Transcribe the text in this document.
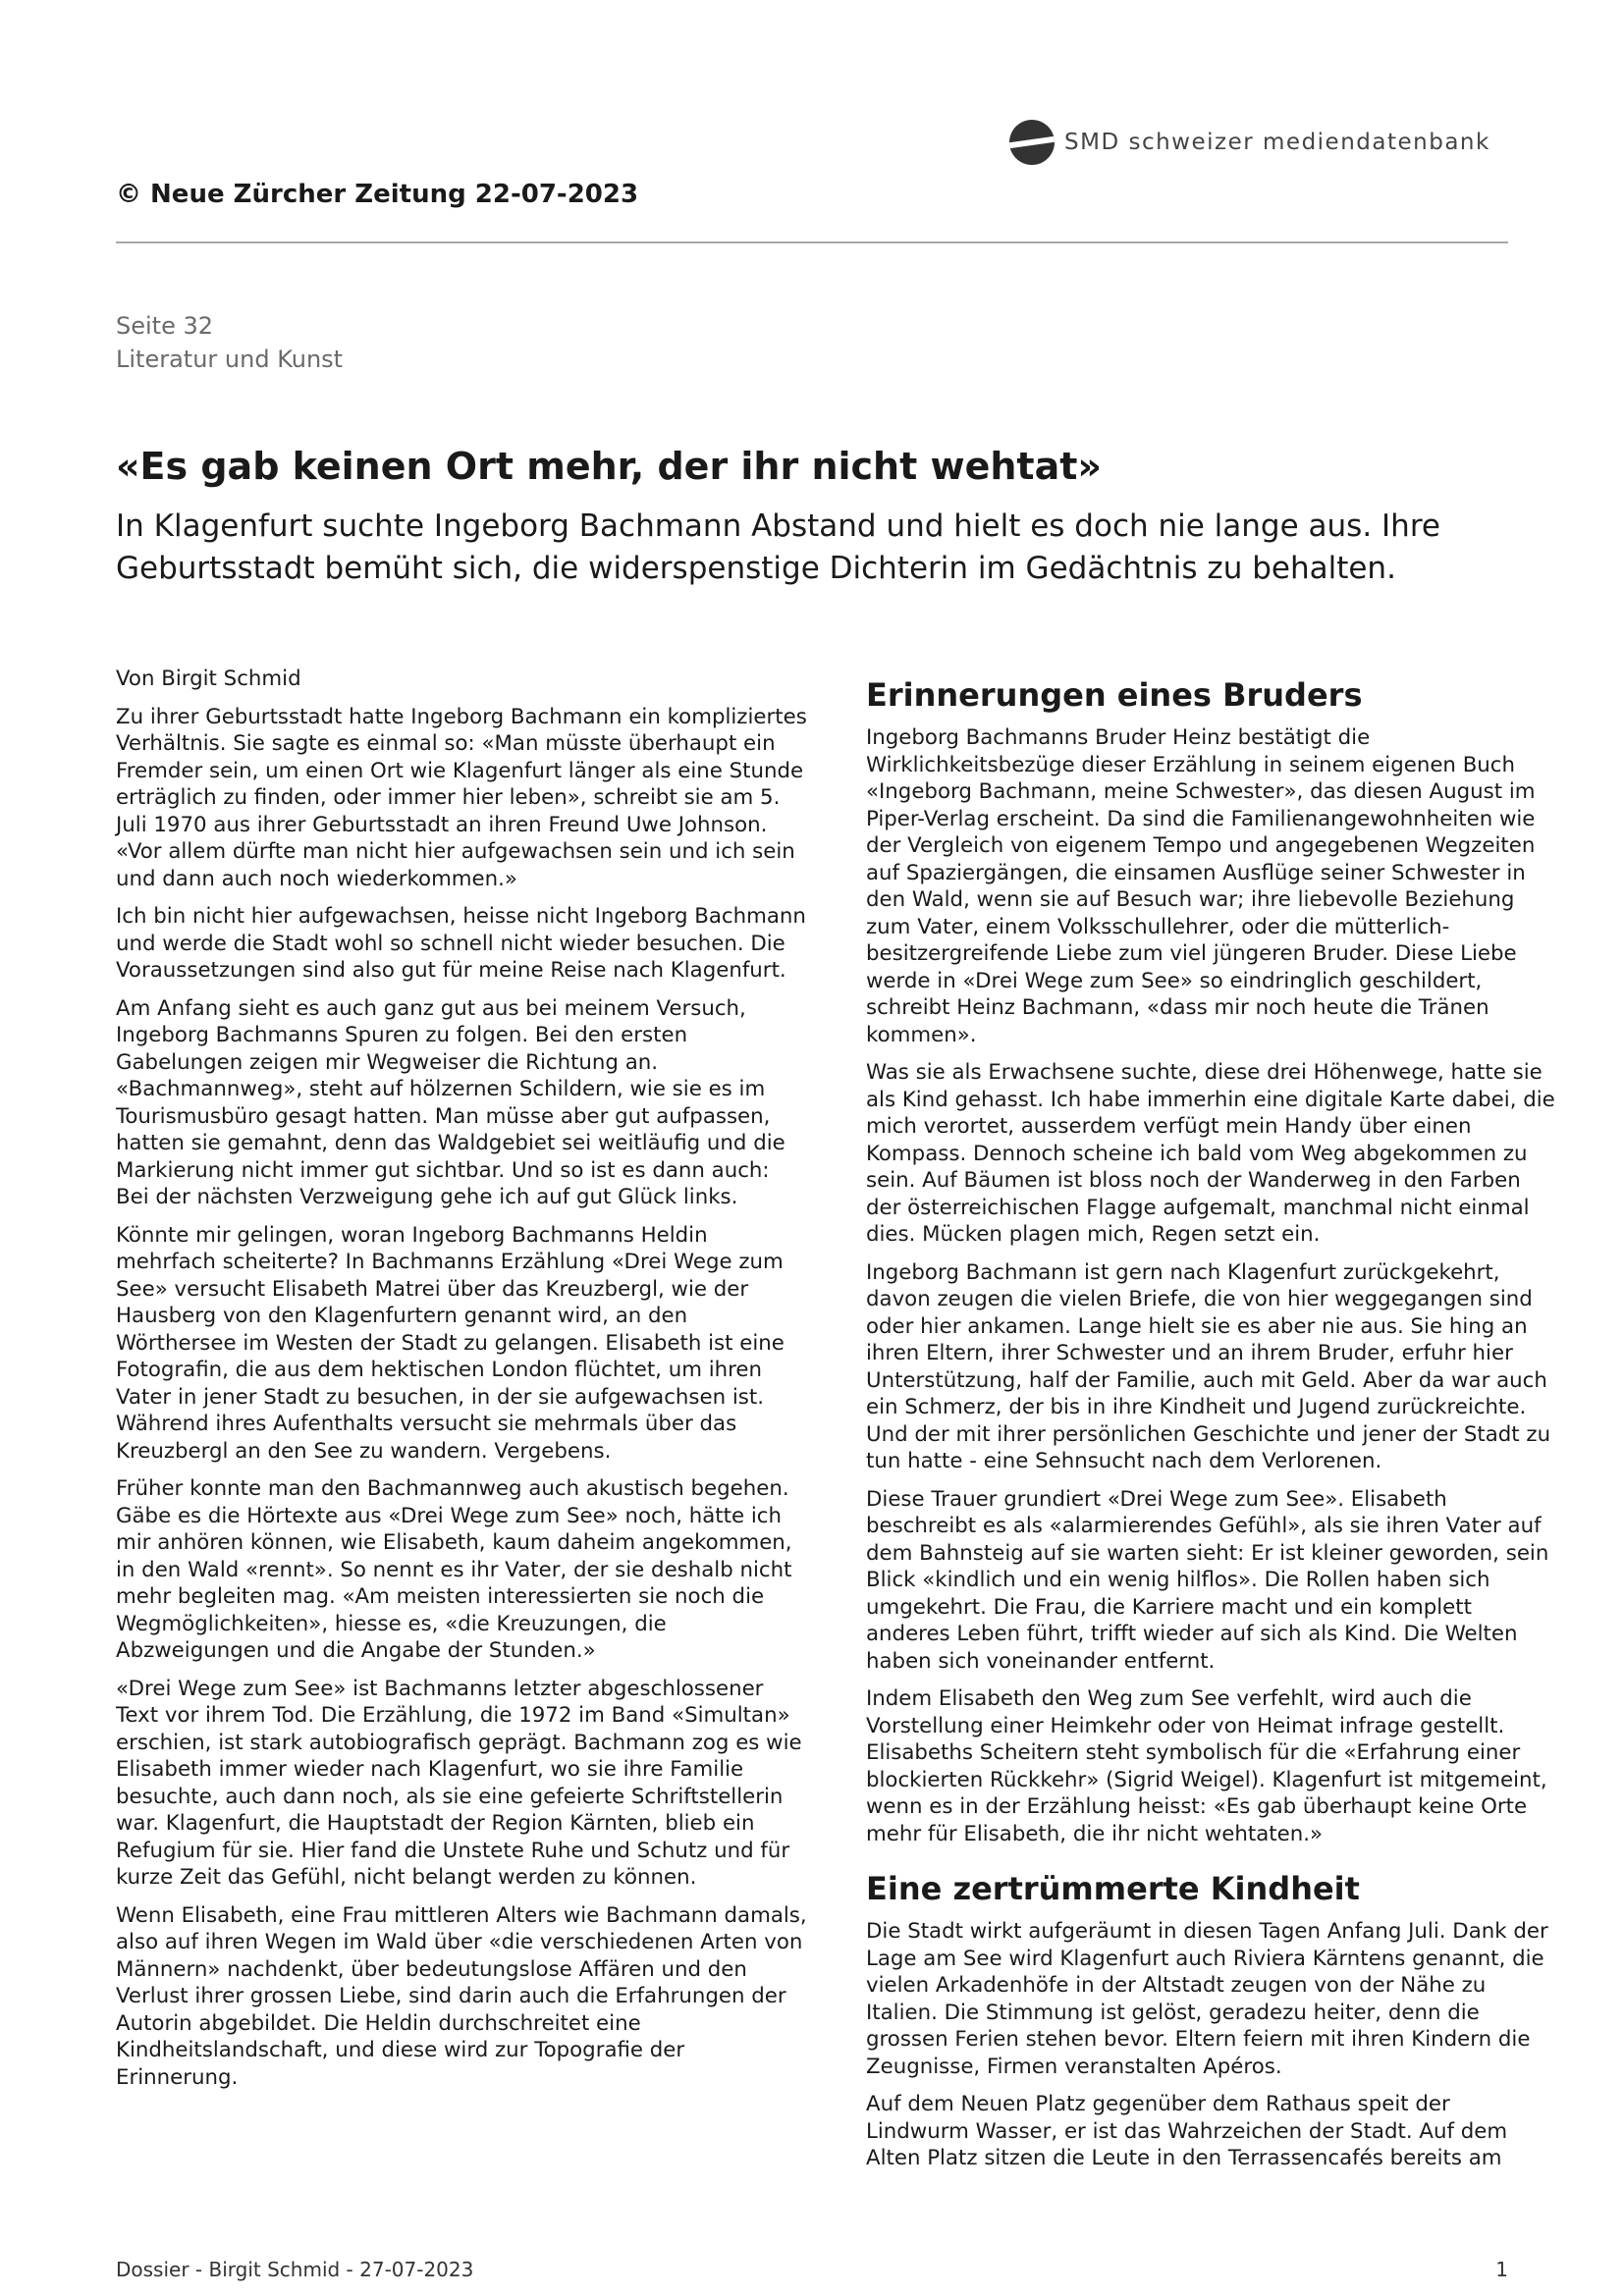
SMD schweizer mediendatenbank
© Neue Zürcher Zeitung 22-07-2023
Seite 32
Literatur und Kunst
«Es gab keinen Ort mehr, der ihr nicht wehtat»

In Klagenfurt suchte Ingeborg Bachmann Abstand und hielt es doch nie lange aus. Ihre Geburtsstadt bemüht sich, die widerspenstige Dichterin im Gedächtnis zu behalten.

Von Birgit Schmid

Zu ihrer Geburtsstadt hatte Ingeborg Bachmann ein kompliziertes Verhältnis. Sie sagte es einmal so: «Man müsste überhaupt ein Fremder sein, um einen Ort wie Klagenfurt länger als eine Stunde erträglich zu finden, oder immer hier leben», schreibt sie am 5. Juli 1970 aus ihrer Geburtsstadt an ihren Freund Uwe Johnson. «Vor allem dürfte man nicht hier aufgewachsen sein und ich sein und dann auch noch wiederkommen.»

Ich bin nicht hier aufgewachsen, heisse nicht Ingeborg Bachmann und werde die Stadt wohl so schnell nicht wieder besuchen. Die Voraussetzungen sind also gut für meine Reise nach Klagenfurt.

Am Anfang sieht es auch ganz gut aus bei meinem Versuch, Ingeborg Bachmanns Spuren zu folgen. Bei den ersten Gabelungen zeigen mir Wegweiser die Richtung an. «Bachmannweg», steht auf hölzernen Schildern, wie sie es im Tourismusbüro gesagt hatten. Man müsse aber gut aufpassen, hatten sie gemahnt, denn das Waldgebiet sei weitläufig und die Markierung nicht immer gut sichtbar. Und so ist es dann auch: Bei der nächsten Verzweigung gehe ich auf gut Glück links.

Könnte mir gelingen, woran Ingeborg Bachmanns Heldin mehrfach scheiterte? In Bachmanns Erzählung «Drei Wege zum See» versucht Elisabeth Matrei über das Kreuzbergl, wie der Hausberg von den Klagenfurtern genannt wird, an den Wörthersee im Westen der Stadt zu gelangen. Elisabeth ist eine Fotografin, die aus dem hektischen London flüchtet, um ihren Vater in jener Stadt zu besuchen, in der sie aufgewachsen ist. Während ihres Aufenthalts versucht sie mehrmals über das Kreuzbergl an den See zu wandern. Vergebens.

Früher konnte man den Bachmannweg auch akustisch begehen. Gäbe es die Hörtexte aus «Drei Wege zum See» noch, hätte ich mir anhören können, wie Elisabeth, kaum daheim angekommen, in den Wald «rennt». So nennt es ihr Vater, der sie deshalb nicht mehr begleiten mag. «Am meisten interessierten sie noch die Wegmöglichkeiten», hiesse es, «die Kreuzungen, die Abzweigungen und die Angabe der Stunden.»

«Drei Wege zum See» ist Bachmanns letzter abgeschlossener Text vor ihrem Tod. Die Erzählung, die 1972 im Band «Simultan» erschien, ist stark autobiografisch geprägt. Bachmann zog es wie Elisabeth immer wieder nach Klagenfurt, wo sie ihre Familie besuchte, auch dann noch, als sie eine gefeierte Schriftstellerin war. Klagenfurt, die Hauptstadt der Region Kärnten, blieb ein Refugium für sie. Hier fand die Unstete Ruhe und Schutz und für kurze Zeit das Gefühl, nicht belangt werden zu können.

Wenn Elisabeth, eine Frau mittleren Alters wie Bachmann damals, also auf ihren Wegen im Wald über «die verschiedenen Arten von Männern» nachdenkt, über bedeutungslose Affären und den Verlust ihrer grossen Liebe, sind darin auch die Erfahrungen der Autorin abgebildet. Die Heldin durchschreitet eine Kindheitslandschaft, und diese wird zur Topografie der Erinnerung.

Erinnerungen eines Bruders

Ingeborg Bachmanns Bruder Heinz bestätigt die Wirklichkeitsbezüge dieser Erzählung in seinem eigenen Buch «Ingeborg Bachmann, meine Schwester», das diesen August im Piper-Verlag erscheint. Da sind die Familienangewohnheiten wie der Vergleich von eigenem Tempo und angegebenen Wegzeiten auf Spaziergängen, die einsamen Ausflüge seiner Schwester in den Wald, wenn sie auf Besuch war; ihre liebevolle Beziehung zum Vater, einem Volksschullehrer, oder die mütterlich-besitzergreifende Liebe zum viel jüngeren Bruder. Diese Liebe werde in «Drei Wege zum See» so eindringlich geschildert, schreibt Heinz Bachmann, «dass mir noch heute die Tränen kommen».

Was sie als Erwachsene suchte, diese drei Höhenwege, hatte sie als Kind gehasst. Ich habe immerhin eine digitale Karte dabei, die mich verortet, ausserdem verfügt mein Handy über einen Kompass. Dennoch scheine ich bald vom Weg abgekommen zu sein. Auf Bäumen ist bloss noch der Wanderweg in den Farben der österreichischen Flagge aufgemalt, manchmal nicht einmal dies. Mücken plagen mich, Regen setzt ein.

Ingeborg Bachmann ist gern nach Klagenfurt zurückgekehrt, davon zeugen die vielen Briefe, die von hier weggegangen sind oder hier ankamen. Lange hielt sie es aber nie aus. Sie hing an ihren Eltern, ihrer Schwester und an ihrem Bruder, erfuhr hier Unterstützung, half der Familie, auch mit Geld. Aber da war auch ein Schmerz, der bis in ihre Kindheit und Jugend zurückreichte. Und der mit ihrer persönlichen Geschichte und jener der Stadt zu tun hatte - eine Sehnsucht nach dem Verlorenen.

Diese Trauer grundiert «Drei Wege zum See». Elisabeth beschreibt es als «alarmierendes Gefühl», als sie ihren Vater auf dem Bahnsteig auf sie warten sieht: Er ist kleiner geworden, sein Blick «kindlich und ein wenig hilflos». Die Rollen haben sich umgekehrt. Die Frau, die Karriere macht und ein komplett anderes Leben führt, trifft wieder auf sich als Kind. Die Welten haben sich voneinander entfernt.

Indem Elisabeth den Weg zum See verfehlt, wird auch die Vorstellung einer Heimkehr oder von Heimat infrage gestellt. Elisabeths Scheitern steht symbolisch für die «Erfahrung einer blockierten Rückkehr» (Sigrid Weigel). Klagenfurt ist mitgemeint, wenn es in der Erzählung heisst: «Es gab überhaupt keine Orte mehr für Elisabeth, die ihr nicht wehtaten.»

Eine zertrümmerte Kindheit

Die Stadt wirkt aufgeräumt in diesen Tagen Anfang Juli. Dank der Lage am See wird Klagenfurt auch Riviera Kärntens genannt, die vielen Arkadenhöfe in der Altstadt zeugen von der Nähe zu Italien. Die Stimmung ist gelöst, geradezu heiter, denn die grossen Ferien stehen bevor. Eltern feiern mit ihren Kindern die Zeugnisse, Firmen veranstalten Apéros.

Auf dem Neuen Platz gegenüber dem Rathaus speit der Lindwurm Wasser, er ist das Wahrzeichen der Stadt. Auf dem Alten Platz sitzen die Leute in den Terrassencafés bereits am

Dossier - Birgit Schmid - 27-07-2023	1
